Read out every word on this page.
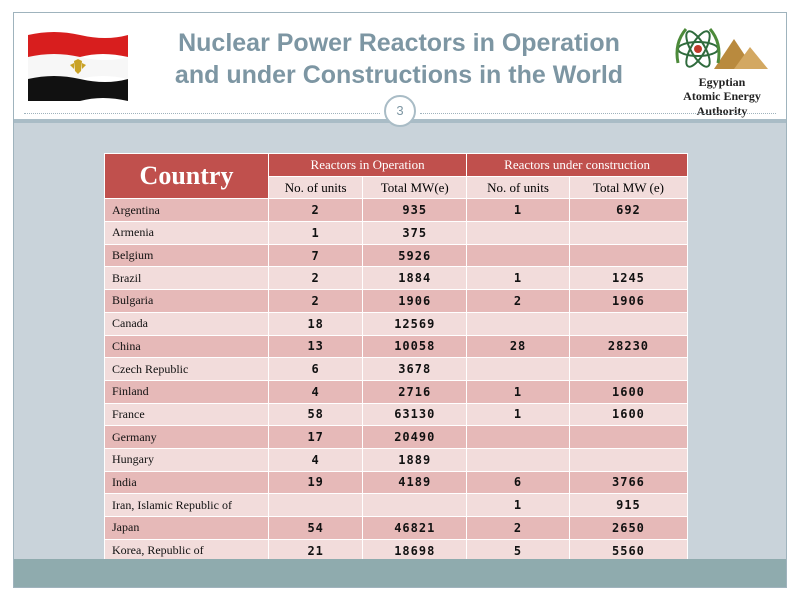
Nuclear Power Reactors in Operation
and under Constructions in the World	Egyptian
Atomic Energy Authority
Country	Reactors in Operation		Reactors under construction	
	No. of units	Total MW(e)	No. of units	Total MW (e)
Argentina	2	935	1	692
Armenia	1	375		
Belgium	7	5926		
Brazil	2	1884	1	1245
Bulgaria	2	1906	2	1906
Canada	18	12569		
China	13	10058	28	28230
Czech Republic	6	3678		
Finland	4	2716	1	1600
France	58	63130	1	1600
Germany	17	20490		
Hungary	4	1889		
India	19	4189	6	3766
Iran, Islamic Republic of			1	915
Japan	54	46821	2	2650
Korea, Republic of	21	18698	5	5560
3
